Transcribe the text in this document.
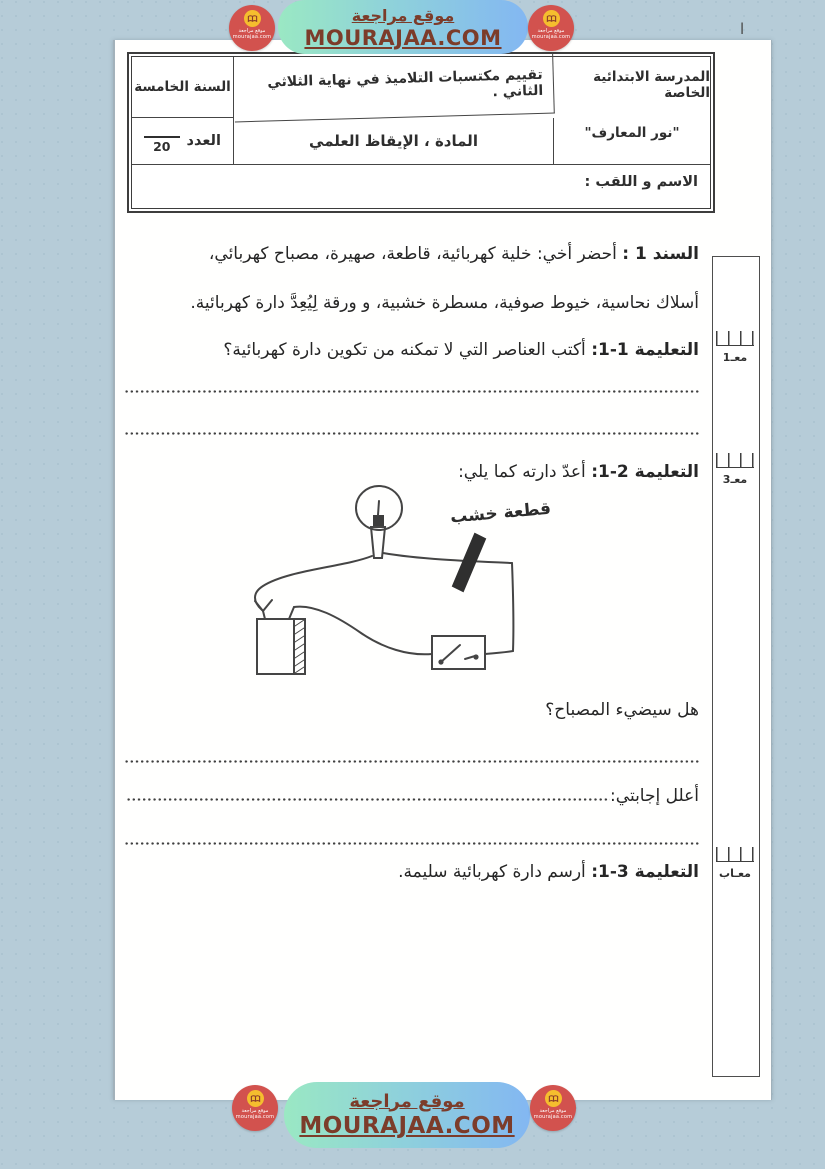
السنة الخامسة	تقييم مكتسبات التلاميذ في نهاية الثلاثي الثاني .
المدرسة الابتدائية الخاصة
"نور المعارف"
العدد
20	المادة ، الإيقاظ العلمي
الاسم و اللقب :
السند 1 : أحضر أخي: خلية كهربائية، قاطعة، صهيرة، مصباح كهربائي،
أسلاك نحاسية، خيوط صوفية، مسطرة خشبية، و ورقة لِيُعِدَّ دارة كهربائية.
التعليمة 1-1: أكتب العناصر التي لا تمكنه من تكوين دارة كهربائية؟
التعليمة 2-1: أعدّ دارته كما يلي:
قطعة خشب
هل سيضيء المصباح؟
أعلل إجابتي:
التعليمة 3-1: أرسم دارة كهربائية سليمة.
معـ1
معـ3
معـاب
ا
موقع مراجعة
MOURAJAA.COM
موقع مراجعة
mourajaa.com
موقع مراجعة
mourajaa.com
موقع مراجعة
MOURAJAA.COM
موقع مراجعة
mourajaa.com
موقع مراجعة
mourajaa.com
